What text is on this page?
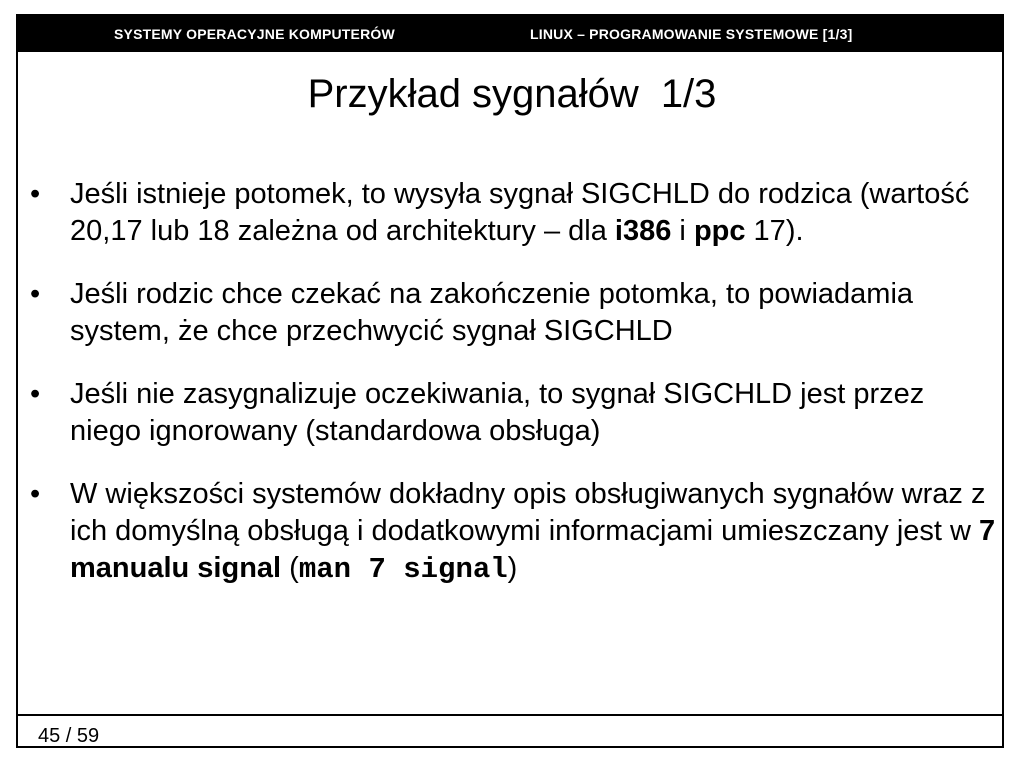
SYSTEMY OPERACYJNE KOMPUTERÓW	LINUX – PROGRAMOWANIE SYSTEMOWE [1/3]
Przykład sygnałów 1/3
•	Jeśli istnieje potomek, to wysyła sygnał SIGCHLD do rodzica (wartość 20,17 lub 18 zależna od architektury – dla i386 i ppc 17).
•	Jeśli rodzic chce czekać na zakończenie potomka, to powiadamia system, że chce przechwycić sygnał SIGCHLD
•	Jeśli nie zasygnalizuje oczekiwania, to sygnał SIGCHLD jest przez niego ignorowany (standardowa obsługa)
•	W większości systemów dokładny opis obsługiwanych sygnałów wraz z ich domyślną obsługą i dodatkowymi informacjami umieszczany jest w 7 manualu signal (man 7 signal)
45 / 59
